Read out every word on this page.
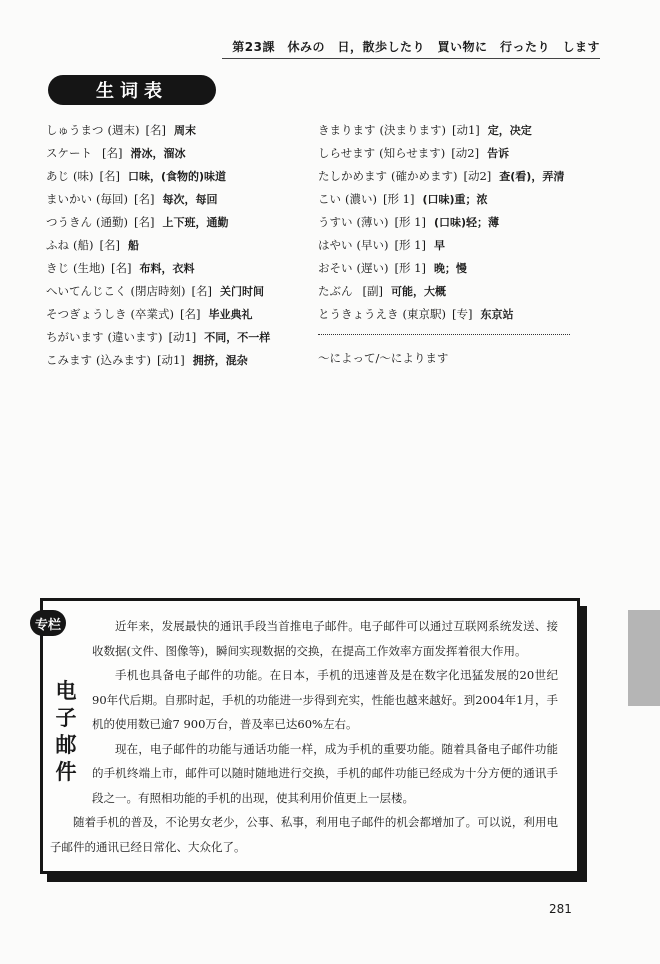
第23課　休みの　日，散歩したり　買い物に　行ったり　します
生词表
しゅうまつ (週末) [名] 周末
スケート [名] 滑冰，溜冰
あじ (味) [名] 口味，(食物的)味道
まいかい (毎回) [名] 每次，每回
つうきん (通勤) [名] 上下班，通勤
ふね (船) [名] 船
きじ (生地) [名] 布料，衣料
へいてんじこく (閉店時刻) [名] 关门时间
そつぎょうしき (卒業式) [名] 毕业典礼
ちがいます (違います) [动1] 不同，不一样
こみます (込みます) [动1] 拥挤，混杂
きまります (決まります) [动1] 定，决定
しらせます (知らせます) [动2] 告诉
たしかめます (確かめます) [动2] 查(看)，弄清
こい (濃い) [形 1] (口味)重；浓
うすい (薄い) [形 1] (口味)轻；薄
はやい (早い) [形 1] 早
おそい (遅い) [形 1] 晚；慢
たぶん [副] 可能，大概
とうきょうえき (東京駅) [专] 东京站
〜によって/〜によります
专栏
电子邮件

近年来，发展最快的通讯手段当首推电子邮件。电子邮件可以通过互联网系统发送、接收数据(文件、图像等)，瞬间实现数据的交换，在提高工作效率方面发挥着很大作用。

手机也具备电子邮件的功能。在日本，手机的迅速普及是在数字化迅猛发展的20世纪90年代后期。自那时起，手机的功能进一步得到充实，性能也越来越好。到2004年1月，手机的使用数已逾7 900万台，普及率已达60%左右。

现在，电子邮件的功能与通话功能一样，成为手机的重要功能。随着具备电子邮件功能的手机终端上市，邮件可以随时随地进行交换，手机的邮件功能已经成为十分方便的通讯手段之一。有照相功能的手机的出现，使其利用价值更上一层楼。

随着手机的普及，不论男女老少，公事、私事，利用电子邮件的机会都增加了。可以说，利用电子邮件的通讯已经日常化、大众化了。

281
